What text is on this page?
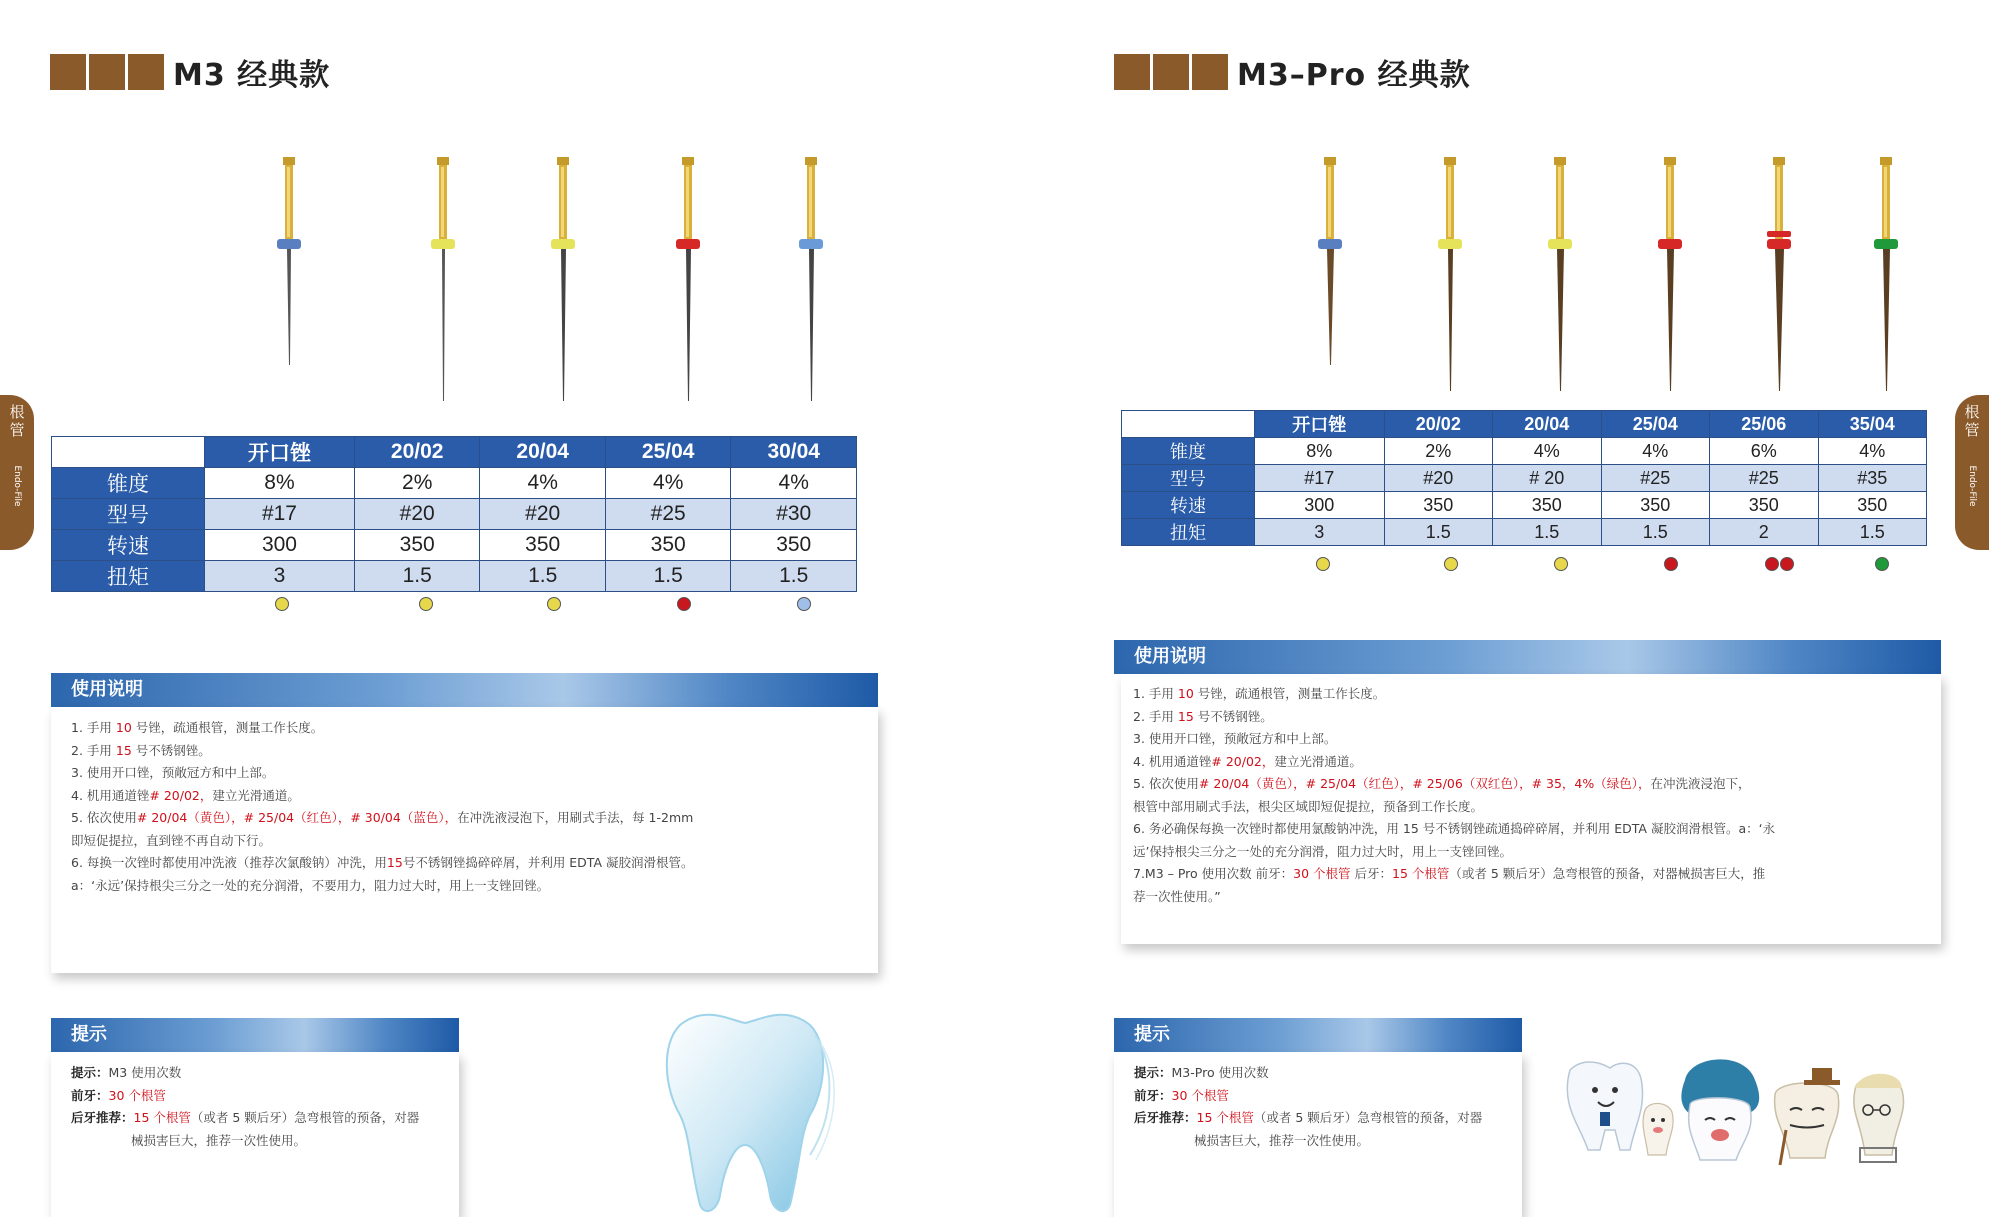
M3 经典款
根管
Endo-File
	开口锉	20/02	20/04	25/04	30/04
锥度	8%	2%	4%	4%	4%
型号	#17	#20	#20	#25	#30
转速	300	350	350	350	350
扭矩	3	1.5	1.5	1.5	1.5
使用说明

1. 手用 10 号锉，疏通根管，测量工作长度。

2. 手用 15 号不锈钢锉。

3. 使用开口锉，预敞冠方和中上部。

4. 机用通道锉# 20/02，建立光滑通道。

5. 依次使用# 20/04（黄色），# 25/04（红色），# 30/04（蓝色），在冲洗液浸泡下，用刷式手法，每 1-2mm

即短促提拉，直到锉不再自动下行。

6. 每换一次锉时都使用冲洗液（推荐次氯酸钠）冲洗，用15号不锈钢锉捣碎碎屑，并利用 EDTA 凝胶润滑根管。

a：‘永远’保持根尖三分之一处的充分润滑，不要用力，阻力过大时，用上一支锉回锉。

提示

提示：M3 使用次数

前牙：30 个根管

后牙推荐：15 个根管（或者 5 颗后牙）急弯根管的预备，对器

械损害巨大，推荐一次性使用。

M3–Pro 经典款
根管
Endo-File
	开口锉	20/02	20/04	25/04	25/06	35/04
锥度	8%	2%	4%	4%	6%	4%
型号	#17	#20	# 20	#25	#25	#35
转速	300	350	350	350	350	350
扭矩	3	1.5	1.5	1.5	2	1.5
使用说明

1. 手用 10 号锉，疏通根管，测量工作长度。

2. 手用 15 号不锈钢锉。

3. 使用开口锉，预敞冠方和中上部。

4. 机用通道锉# 20/02，建立光滑通道。

5. 依次使用# 20/04（黄色），# 25/04（红色），# 25/06（双红色），# 35，4%（绿色），在冲洗液浸泡下，

根管中部用刷式手法，根尖区域即短促提拉，预备到工作长度。

6. 务必确保每换一次锉时都使用氯酸钠冲洗，用 15 号不锈钢锉疏通捣碎碎屑，并利用 EDTA 凝胶润滑根管。a：‘永

远’保持根尖三分之一处的充分润滑，阻力过大时，用上一支锉回锉。

7.M3 – Pro 使用次数 前牙：30 个根管 后牙：15 个根管（或者 5 颗后牙）急弯根管的预备，对器械损害巨大，推

荐一次性使用。”

提示

提示：M3-Pro 使用次数

前牙：30 个根管

后牙推荐：15 个根管（或者 5 颗后牙）急弯根管的预备，对器

械损害巨大，推荐一次性使用。
